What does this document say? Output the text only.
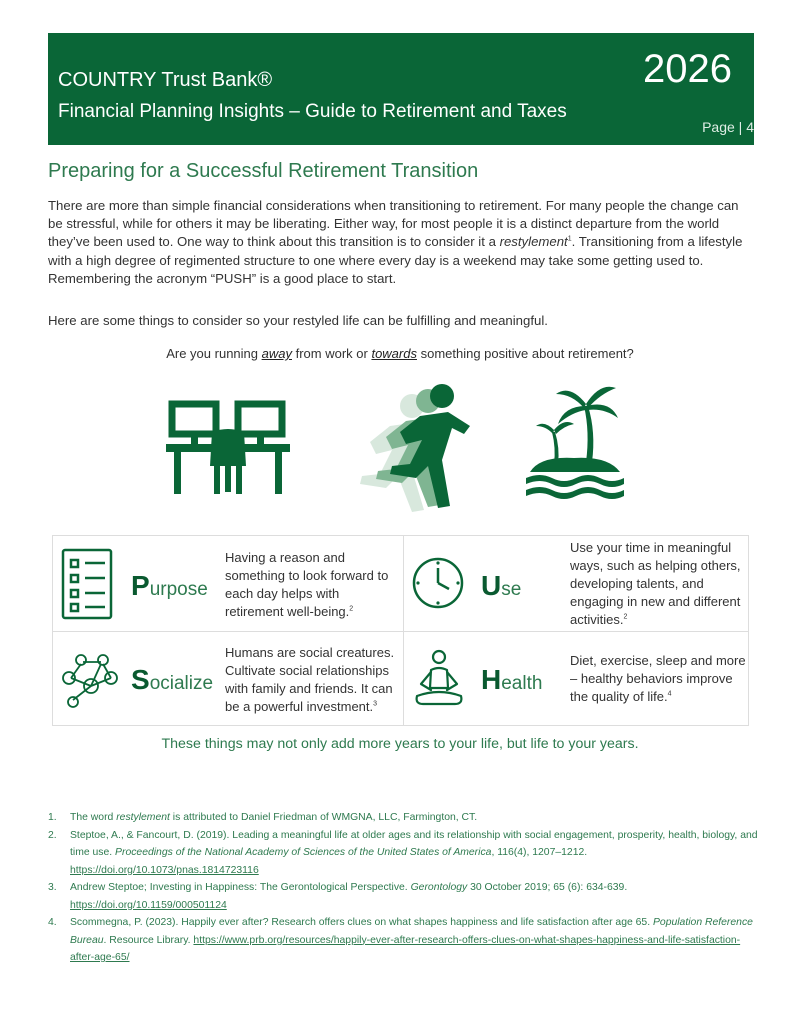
COUNTRY Trust Bank®
Financial Planning Insights – Guide to Retirement and Taxes
2026
Page | 4
Preparing for a Successful Retirement Transition

There are more than simple financial considerations when transitioning to retirement. For many people the change can be stressful, while for others it may be liberating. Either way, for most people it is a distinct departure from the world they’ve been used to. One way to think about this transition is to consider it a restylement$^1$. Transitioning from a lifestyle with a high degree of regimented structure to one where every day is a weekend may take some getting used to. Remembering the acronym “PUSH” is a good place to start.

Here are some things to consider so your restyled life can be fulfilling and meaningful.

Are you running away from work or towards something positive about retirement?

Purpose
Having a reason and something to look forward to each day helps with retirement well-being.$^2$
Use
Use your time in meaningful ways, such as helping others, developing talents, and engaging in new and different activities.$^2$
Socialize
Humans are social creatures. Cultivate social relationships with family and friends. It can be a powerful investment.$^3$
Health
Diet, exercise, sleep and more – healthy behaviors improve the quality of life.$^4$
These things may not only add more years to your life, but life to your years.
1. The word restylement is attributed to Daniel Friedman of WMGNA, LLC, Farmington, CT.
2. Steptoe, A., & Fancourt, D. (2019). Leading a meaningful life at older ages and its relationship with social engagement, prosperity, health, biology, and time use. Proceedings of the National Academy of Sciences of the United States of America, 116(4), 1207–1212.
https://doi.org/10.1073/pnas.1814723116
3. Andrew Steptoe; Investing in Happiness: The Gerontological Perspective. Gerontology 30 October 2019; 65 (6): 634-639.
https://doi.org/10.1159/000501124
4. Scommegna, P. (2023). Happily ever after? Research offers clues on what shapes happiness and life satisfaction after age 65. Population Reference Bureau. Resource Library. https://www.prb.org/resources/happily-ever-after-research-offers-clues-on-what-shapes-happiness-and-life-satisfaction-after-age-65/
